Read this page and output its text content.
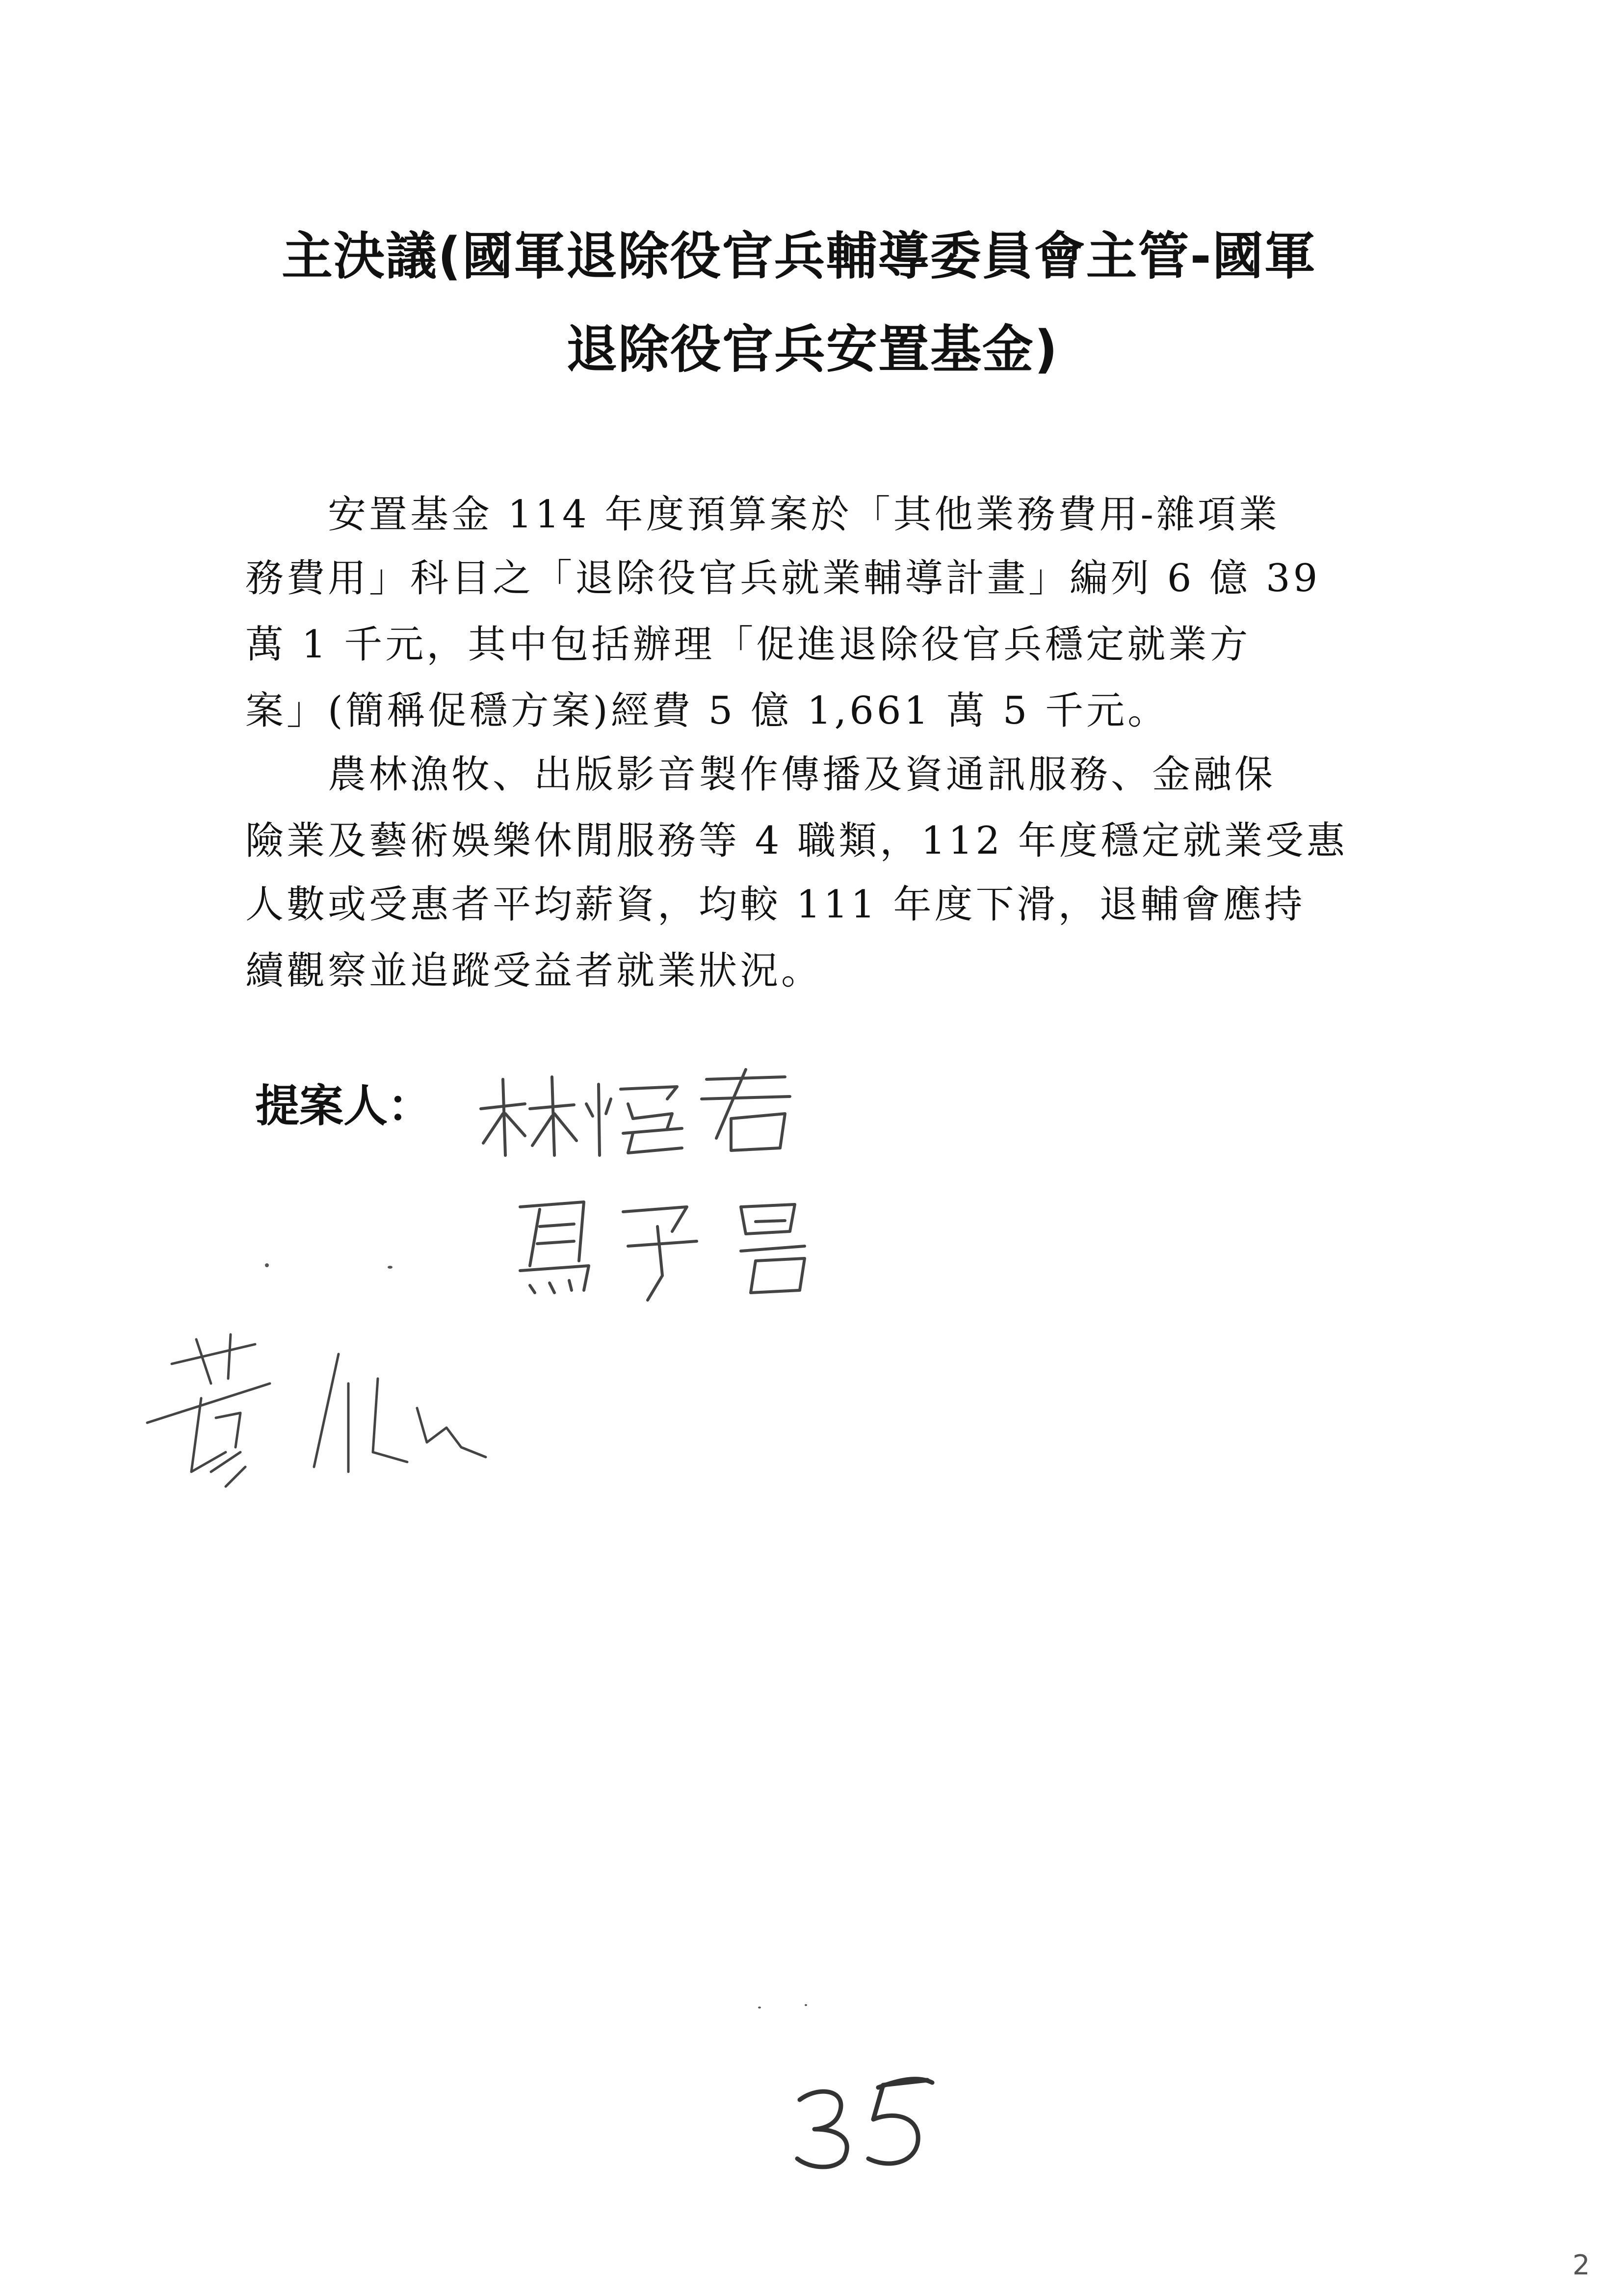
主決議(國軍退除役官兵輔導委員會主管-國軍
退除役官兵安置基金)
　　安置基金 114 年度預算案於「其他業務費用-雜項業
務費用」科目之「退除役官兵就業輔導計畫」編列 6 億 39
萬 1 千元，其中包括辦理「促進退除役官兵穩定就業方
案」(簡稱促穩方案)經費 5 億 1,661 萬 5 千元。
　　農林漁牧、出版影音製作傳播及資通訊服務、金融保
險業及藝術娛樂休閒服務等 4 職類，112 年度穩定就業受惠
人數或受惠者平均薪資，均較 111 年度下滑，退輔會應持
續觀察並追蹤受益者就業狀況。
提案人：
2
